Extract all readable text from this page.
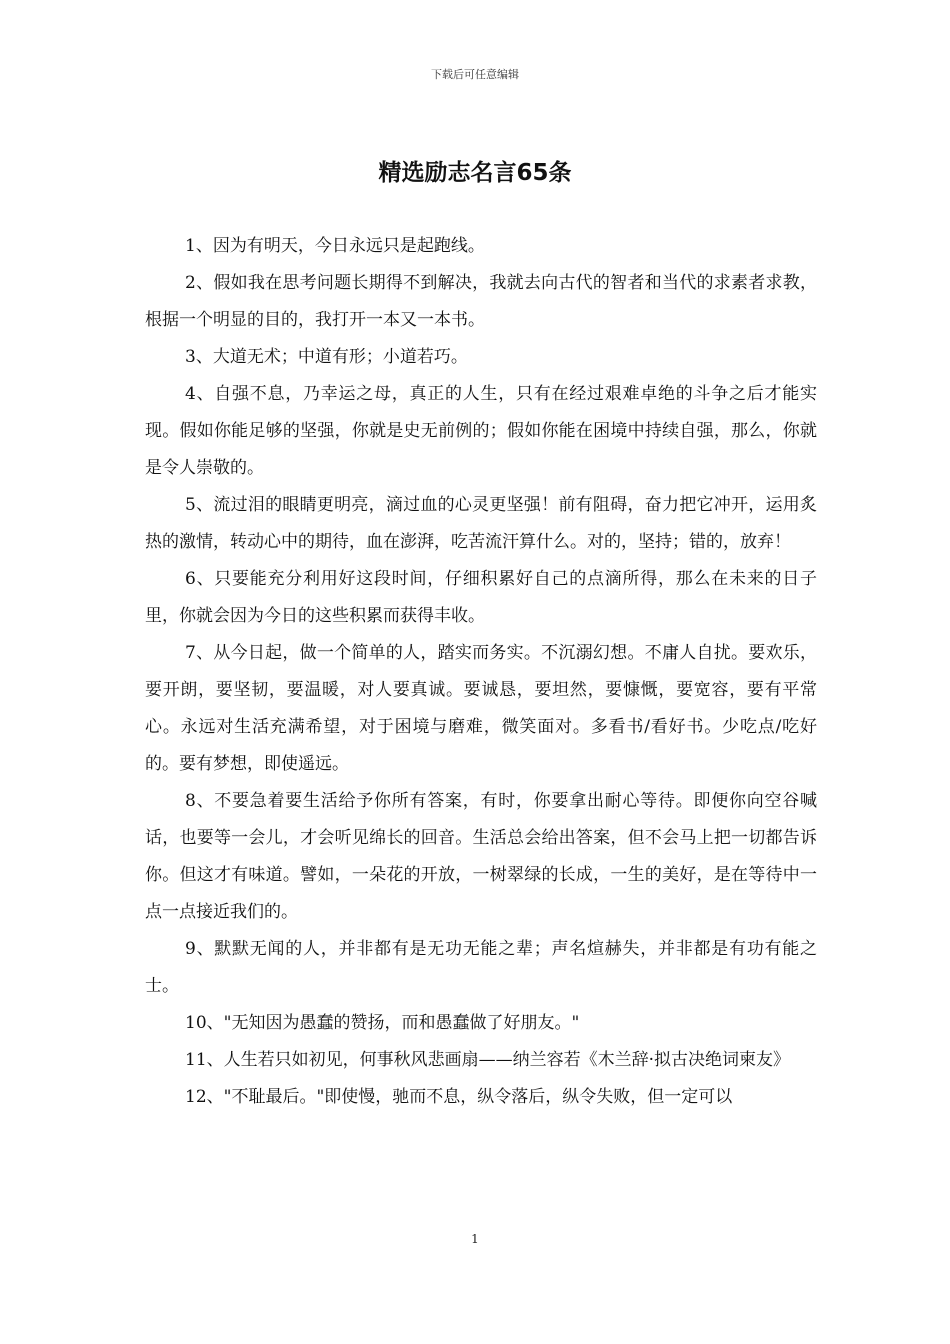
下载后可任意编辑
精选励志名言65条

1、因为有明天，今日永远只是起跑线。

2、假如我在思考问题长期得不到解决，我就去向古代的智者和当代的求素者求教，根据一个明显的目的，我打开一本又一本书。

3、大道无术；中道有形；小道若巧。

4、自强不息，乃幸运之母，真正的人生，只有在经过艰难卓绝的斗争之后才能实现。假如你能足够的坚强，你就是史无前例的；假如你能在困境中持续自强，那么，你就是令人崇敬的。

5、流过泪的眼睛更明亮，滴过血的心灵更坚强！前有阻碍，奋力把它冲开，运用炙热的激情，转动心中的期待，血在澎湃，吃苦流汗算什么。对的，坚持；错的，放弃！

6、只要能充分利用好这段时间，仔细积累好自己的点滴所得，那么在未来的日子里，你就会因为今日的这些积累而获得丰收。

7、从今日起，做一个简单的人，踏实而务实。不沉溺幻想。不庸人自扰。要欢乐，要开朗，要坚韧，要温暖，对人要真诚。要诚恳，要坦然，要慷慨，要宽容，要有平常心。永远对生活充满希望，对于困境与磨难，微笑面对。多看书/看好书。少吃点/吃好的。要有梦想，即使遥远。

8、不要急着要生活给予你所有答案，有时，你要拿出耐心等待。即便你向空谷喊话，也要等一会儿，才会听见绵长的回音。生活总会给出答案，但不会马上把一切都告诉你。但这才有味道。譬如，一朵花的开放，一树翠绿的长成，一生的美好，是在等待中一点一点接近我们的。

9、默默无闻的人，并非都有是无功无能之辈；声名煊赫失，并非都是有功有能之士。

10、"无知因为愚蠢的赞扬，而和愚蠢做了好朋友。"

11、人生若只如初见，何事秋风悲画扇——纳兰容若《木兰辞·拟古决绝词柬友》

12、"不耻最后。"即使慢，驰而不息，纵令落后，纵令失败，但一定可以

1
